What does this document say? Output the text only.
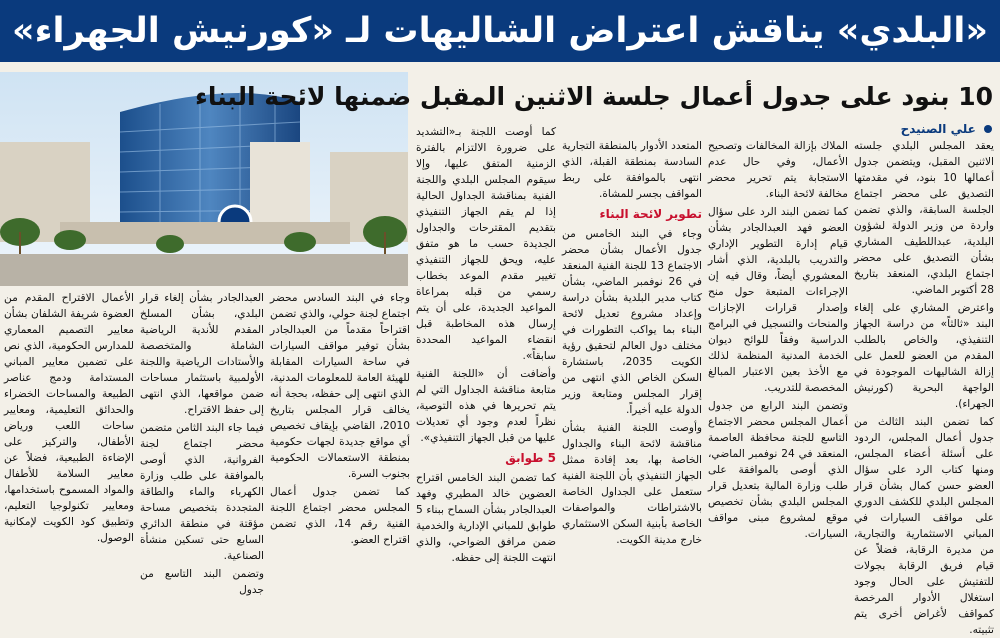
«البلدي» يناقش اعتراض الشاليهات لـ «كورنيش الجهراء»
10 بنود على جدول أعمال جلسة الاثنين المقبل ضمنها لائحة البناء
علي الصنيدح

يعقد المجلس البلدي جلسته الاثنين المقبل، ويتضمن جدول أعمالها 10 بنود، في مقدمتها التصديق على محضر اجتماع الجلسة السابقة، والذي تضمن واردة من وزير الدولة لشؤون البلدية، عبداللطيف المشاري بشأن التصديق على محضر اجتماع البلدي، المنعقد بتاريخ 28 أكتوبر الماضي.

واعترض المشاري على إلغاء البند «ثالثاً» من دراسة الجهاز التنفيذي، والخاص بالطلب المقدم من العضو للعمل على إزالة الشاليهات الموجودة في الواجهة البحرية (كورنيش الجهراء).

كما تضمن البند الثالث من جدول أعمال المجلس، الردود على أسئلة أعضاء المجلس، ومنها كتاب الرد على سؤال العضو حسن كمال بشأن قرار المجلس البلدي للكشف الدوري على مواقف السيارات في المباني الاستثمارية والتجارية، من مديرة الرقابة، فضلاً عن قيام فريق الرقابة بجولات للتفتيش على الحال وجود استغلال الأدوار المرخصة كمواقف لأغراض أخرى يتم تثبيته.

الملاك بإزالة المخالفات وتصحيح الأعمال، وفي حال عدم الاستجابة يتم تحرير محضر مخالفة لائحة البناء.

كما تضمن البند الرد على سؤال العضو فهد العبدالجادر بشأن قيام إدارة التطوير الإداري والتدريب بالبلدية، الذي أشار المعشوري أيضاً، وقال فيه إن الإجراءات المتبعة حول منح وإصدار قرارات الإجازات والمنحات والتسجيل في البرامج الدراسية وفقاً للوائح ديوان الخدمة المدنية المنظمة لذلك مع الأخذ بعين الاعتبار المبالغ المخصصة للتدريب.

وتضمن البند الرابع من جدول أعمال المجلس محضر الاجتماع التاسع للجنة محافظة العاصمة المنعقد في 24 نوفمبر الماضي، الذي أوصى بالموافقة على طلب وزارة المالية بتعديل قرار المجلس البلدي بشأن تخصيص موقع لمشروع مبنى مواقف السيارات.

المتعدد الأدوار بالمنطقة التجارية السادسة بمنطقة القبلة، الذي انتهى بالموافقة على ربط المواقف بجسر للمشاة.

تطوير لائحة البناء

وجاء في البند الخامس من جدول الأعمال بشأن محضر الاجتماع 13 للجنة الفنية المنعقد في 26 نوفمبر الماضي، بشأن كتاب مدير البلدية بشأن دراسة وإعداد مشروع تعديل لائحة البناء بما يواكب التطورات في مختلف دول العالم لتحقيق رؤية الكويت 2035، باستشارة السكن الخاص الذي انتهى من إقرار المجلس ومتابعة وزير الدولة عليه أخيراً.

وأوصت اللجنة الفنية بشأن مناقشة لائحة البناء والجداول الخاصة بها، بعد إفادة ممثل الجهاز التنفيذي بأن اللجنة الفنية ستعمل على الجداول الخاصة بالاشتراطات والمواصفات الخاصة بأبنية السكن الاستثماري خارج مدينة الكويت.

كما أوصت اللجنة بـ«التشديد على ضرورة الالتزام بالفترة الزمنية المتفق عليها، وإلا سيقوم المجلس البلدي واللجنة الفنية بمناقشة الجداول الحالية إذا لم يقم الجهاز التنفيذي بتقديم المقترحات والجداول الجديدة حسب ما هو متفق عليه، ويحق للجهاز التنفيذي تغيير مقدم الموعد بخطاب رسمي من قبله بمراعاة المواعيد الجديدة، على أن يتم إرسال هذه المخاطبة قبل انقضاء المواعيد المحددة سابقاً».

وأضافت أن «اللجنة الفنية متابعة مناقشة الجداول التي لم يتم تحريرها في هذه التوصية، نظراً لعدم وجود أي تعديلات عليها من قبل الجهاز التنفيذي».

5 طوابق

كما تضمن البند الخامس اقتراح العضوين خالد المطيري وفهد العبدالجادر بشأن السماح ببناء 5 طوابق للمباني الإدارية والخدمية ضمن مرافق الضواحي، والذي انتهت اللجنة إلى حفظه.

وجاء في البند السادس محضر اجتماع لجنة حولي، والذي تضمن اقتراحاً مقدماً من العبدالجادر بشأن توفير مواقف السيارات في ساحة السيارات المقابلة للهيئة العامة للمعلومات المدنية، الذي انتهى إلى حفظه، بحجة أنه يخالف قرار المجلس بتاريخ 2010، القاضي بإيقاف تخصيص أي مواقع جديدة لجهات حكومية بمنطقة الاستعمالات الحكومية بجنوب السرة.

كما تضمن جدول أعمال المجلس محضر اجتماع اللجنة الفنية رقم 14، الذي تضمن اقتراح العضو.

العبدالجادر بشأن إلغاء قرار البلدي، بشأن المسلخ المقدم للأندية الرياضية الشاملة والمتخصصة والأستادات الرياضية واللجنة الأولمبية باستثمار مساحات ضمن مواقعها، الذي انتهى إلى حفظ الاقتراح.

فيما جاء البند الثامن متضمن محضر اجتماع لجنة الفروانية، الذي أوصى بالموافقة على طلب وزارة الكهرباء والماء والطاقة المتجددة بتخصيص مساحة مؤقتة في منطقة الدائري السابع حتى تسكين منشأة الصناعية.

وتضمن البند التاسع من جدول

الأعمال الاقتراح المقدم من العضوة شريفة الشلفان بشأن معايير التصميم المعماري للمدارس الحكومية، الذي نص على تضمين معايير المباني المستدامة ودمج عناصر الطبيعة والمساحات الخضراء والحدائق التعليمية، ومعايير ساحات اللعب ورياض الأطفال، والتركيز على الإضاءة الطبيعية، فضلاً عن معايير السلامة للأطفال والمواد المسموح باستخدامها، ومعايير تكنولوجيا التعليم، وتطبيق كود الكويت لإمكانية الوصول.
